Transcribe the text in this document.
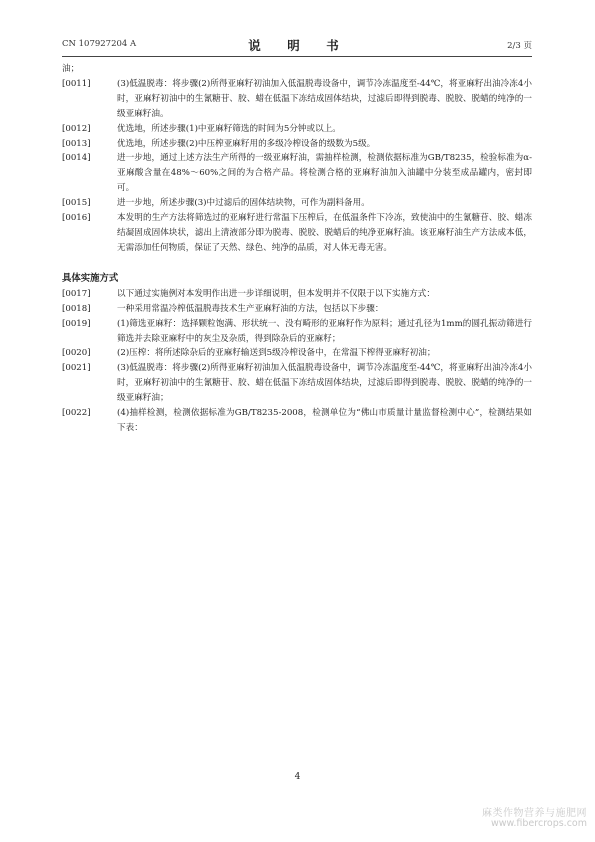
CN 107927204 A	说　明　书	2/3 页

油；

[0011]	(3)低温脱毒：将步骤(2)所得亚麻籽初油加入低温脱毒设备中，调节冷冻温度至-44℃，将亚麻籽出油冷冻4小时，亚麻籽初油中的生氰糖苷、胶、蜡在低温下冻结成固体结块，过滤后即得到脱毒、脱胶、脱蜡的纯净的一级亚麻籽油。

[0012]	优选地，所述步骤(1)中亚麻籽筛选的时间为5分钟或以上。

[0013]	优选地，所述步骤(2)中压榨亚麻籽用的多级冷榨设备的级数为5级。

[0014]	进一步地，通过上述方法生产所得的一级亚麻籽油，需抽样检测，检测依据标准为GB/T8235，检验标准为α-亚麻酸含量在48%～60%之间的为合格产品。将检测合格的亚麻籽油加入油罐中分装至成品罐内，密封即可。

[0015]	进一步地，所述步骤(3)中过滤后的固体结块物，可作为副料备用。

[0016]	本发明的生产方法将筛选过的亚麻籽进行常温下压榨后，在低温条件下冷冻，致使油中的生氰糖苷、胶、蜡冻结凝固成固体块状，滤出上清液部分即为脱毒、脱胶、脱蜡后的纯净亚麻籽油。该亚麻籽油生产方法成本低，无需添加任何物质，保证了天然、绿色、纯净的品质，对人体无毒无害。

具体实施方式

[0017]	以下通过实施例对本发明作出进一步详细说明，但本发明并不仅限于以下实施方式：

[0018]	一种采用常温冷榨低温脱毒技术生产亚麻籽油的方法，包括以下步骤：

[0019]	(1)筛选亚麻籽：选择颗粒饱满、形状统一、没有畸形的亚麻籽作为原料；通过孔径为1mm的圆孔振动筛进行筛选并去除亚麻籽中的灰尘及杂质，得到除杂后的亚麻籽；

[0020]	(2)压榨：将所述除杂后的亚麻籽输送到5级冷榨设备中，在常温下榨得亚麻籽初油；

[0021]	(3)低温脱毒：将步骤(2)所得亚麻籽初油加入低温脱毒设备中，调节冷冻温度至-44℃，将亚麻籽出油冷冻4小时，亚麻籽初油中的生氰糖苷、胶、蜡在低温下冻结成固体结块，过滤后即得到脱毒、脱胶、脱蜡的纯净的一级亚麻籽油；

[0022]	(4)抽样检测，检测依据标准为GB/T8235-2008，检测单位为“佛山市质量计量监督检测中心”，检测结果如下表：

4
麻类作物营养与施肥网
www.fibercrops.com
